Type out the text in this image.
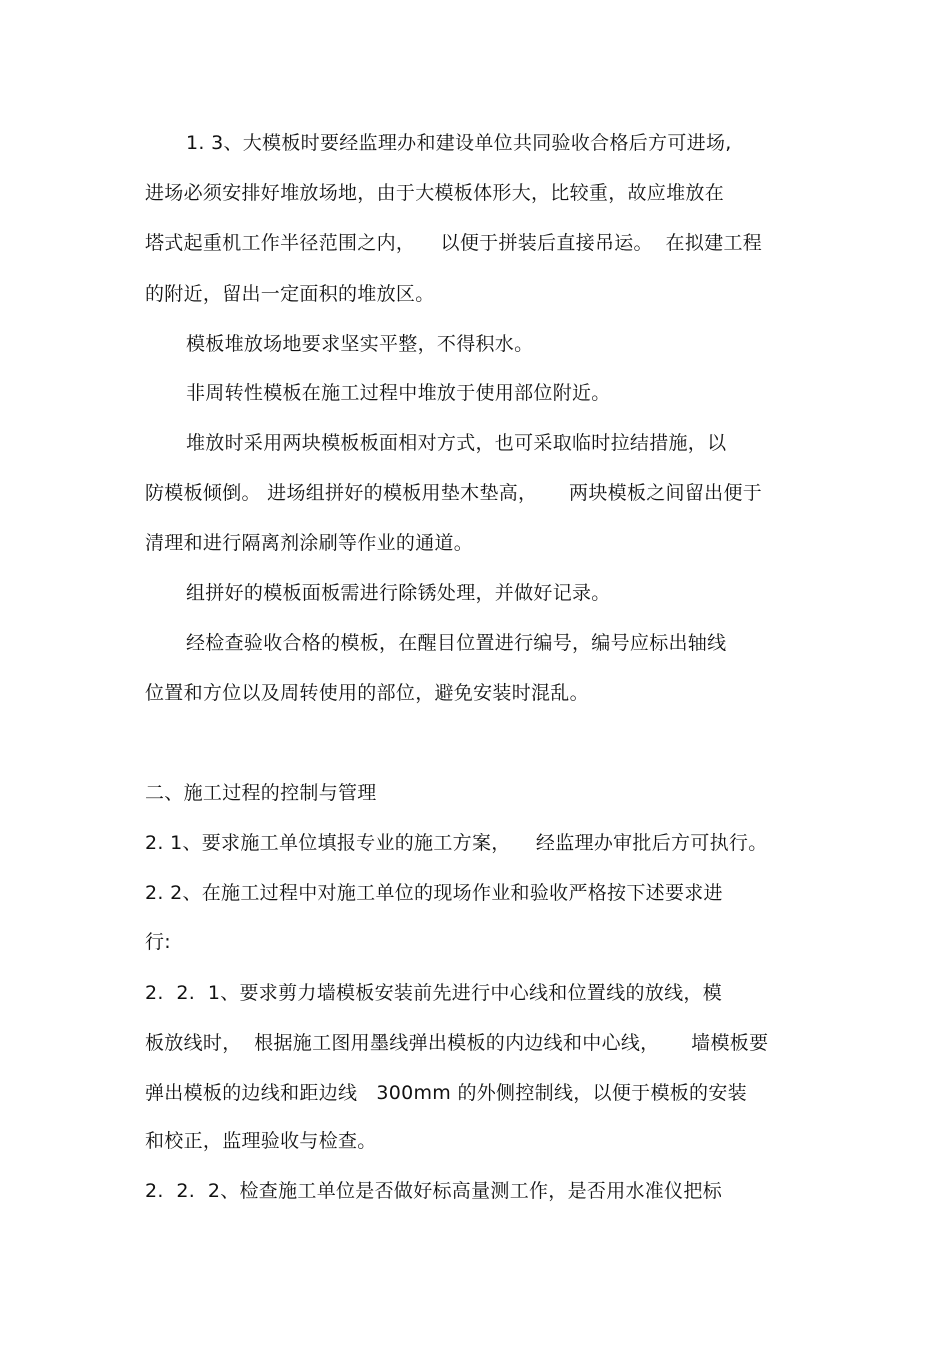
1. 3、大模板时要经监理办和建设单位共同验收合格后方可进场,
进场必须安排好堆放场地，由于大模板体形大，比较重，故应堆放在
塔式起重机工作半径范围之内，    以便于拼装后直接吊运。  在拟建工程
的附近，留出一定面积的堆放区。
模板堆放场地要求坚实平整，不得积水。
非周转性模板在施工过程中堆放于使用部位附近。
堆放时采用两块模板板面相对方式，也可采取临时拉结措施，以
防模板倾倒。 进场组拼好的模板用垫木垫高，     两块模板之间留出便于
清理和进行隔离剂涂刷等作业的通道。
组拼好的模板面板需进行除锈处理，并做好记录。
经检查验收合格的模板，在醒目位置进行编号，编号应标出轴线
位置和方位以及周转使用的部位，避免安装时混乱。
二、施工过程的控制与管理
2. 1、要求施工单位填报专业的施工方案，    经监理办审批后方可执行。
2. 2、在施工过程中对施工单位的现场作业和验收严格按下述要求进
行:
2.  2.  1、要求剪力墙模板安装前先进行中心线和位置线的放线，模
板放线时，  根据施工图用墨线弹出模板的内边线和中心线，     墙模板要
弹出模板的边线和距边线   300mm 的外侧控制线，以便于模板的安装
和校正，监理验收与检查。
2.  2.  2、检查施工单位是否做好标高量测工作，是否用水准仪把标
